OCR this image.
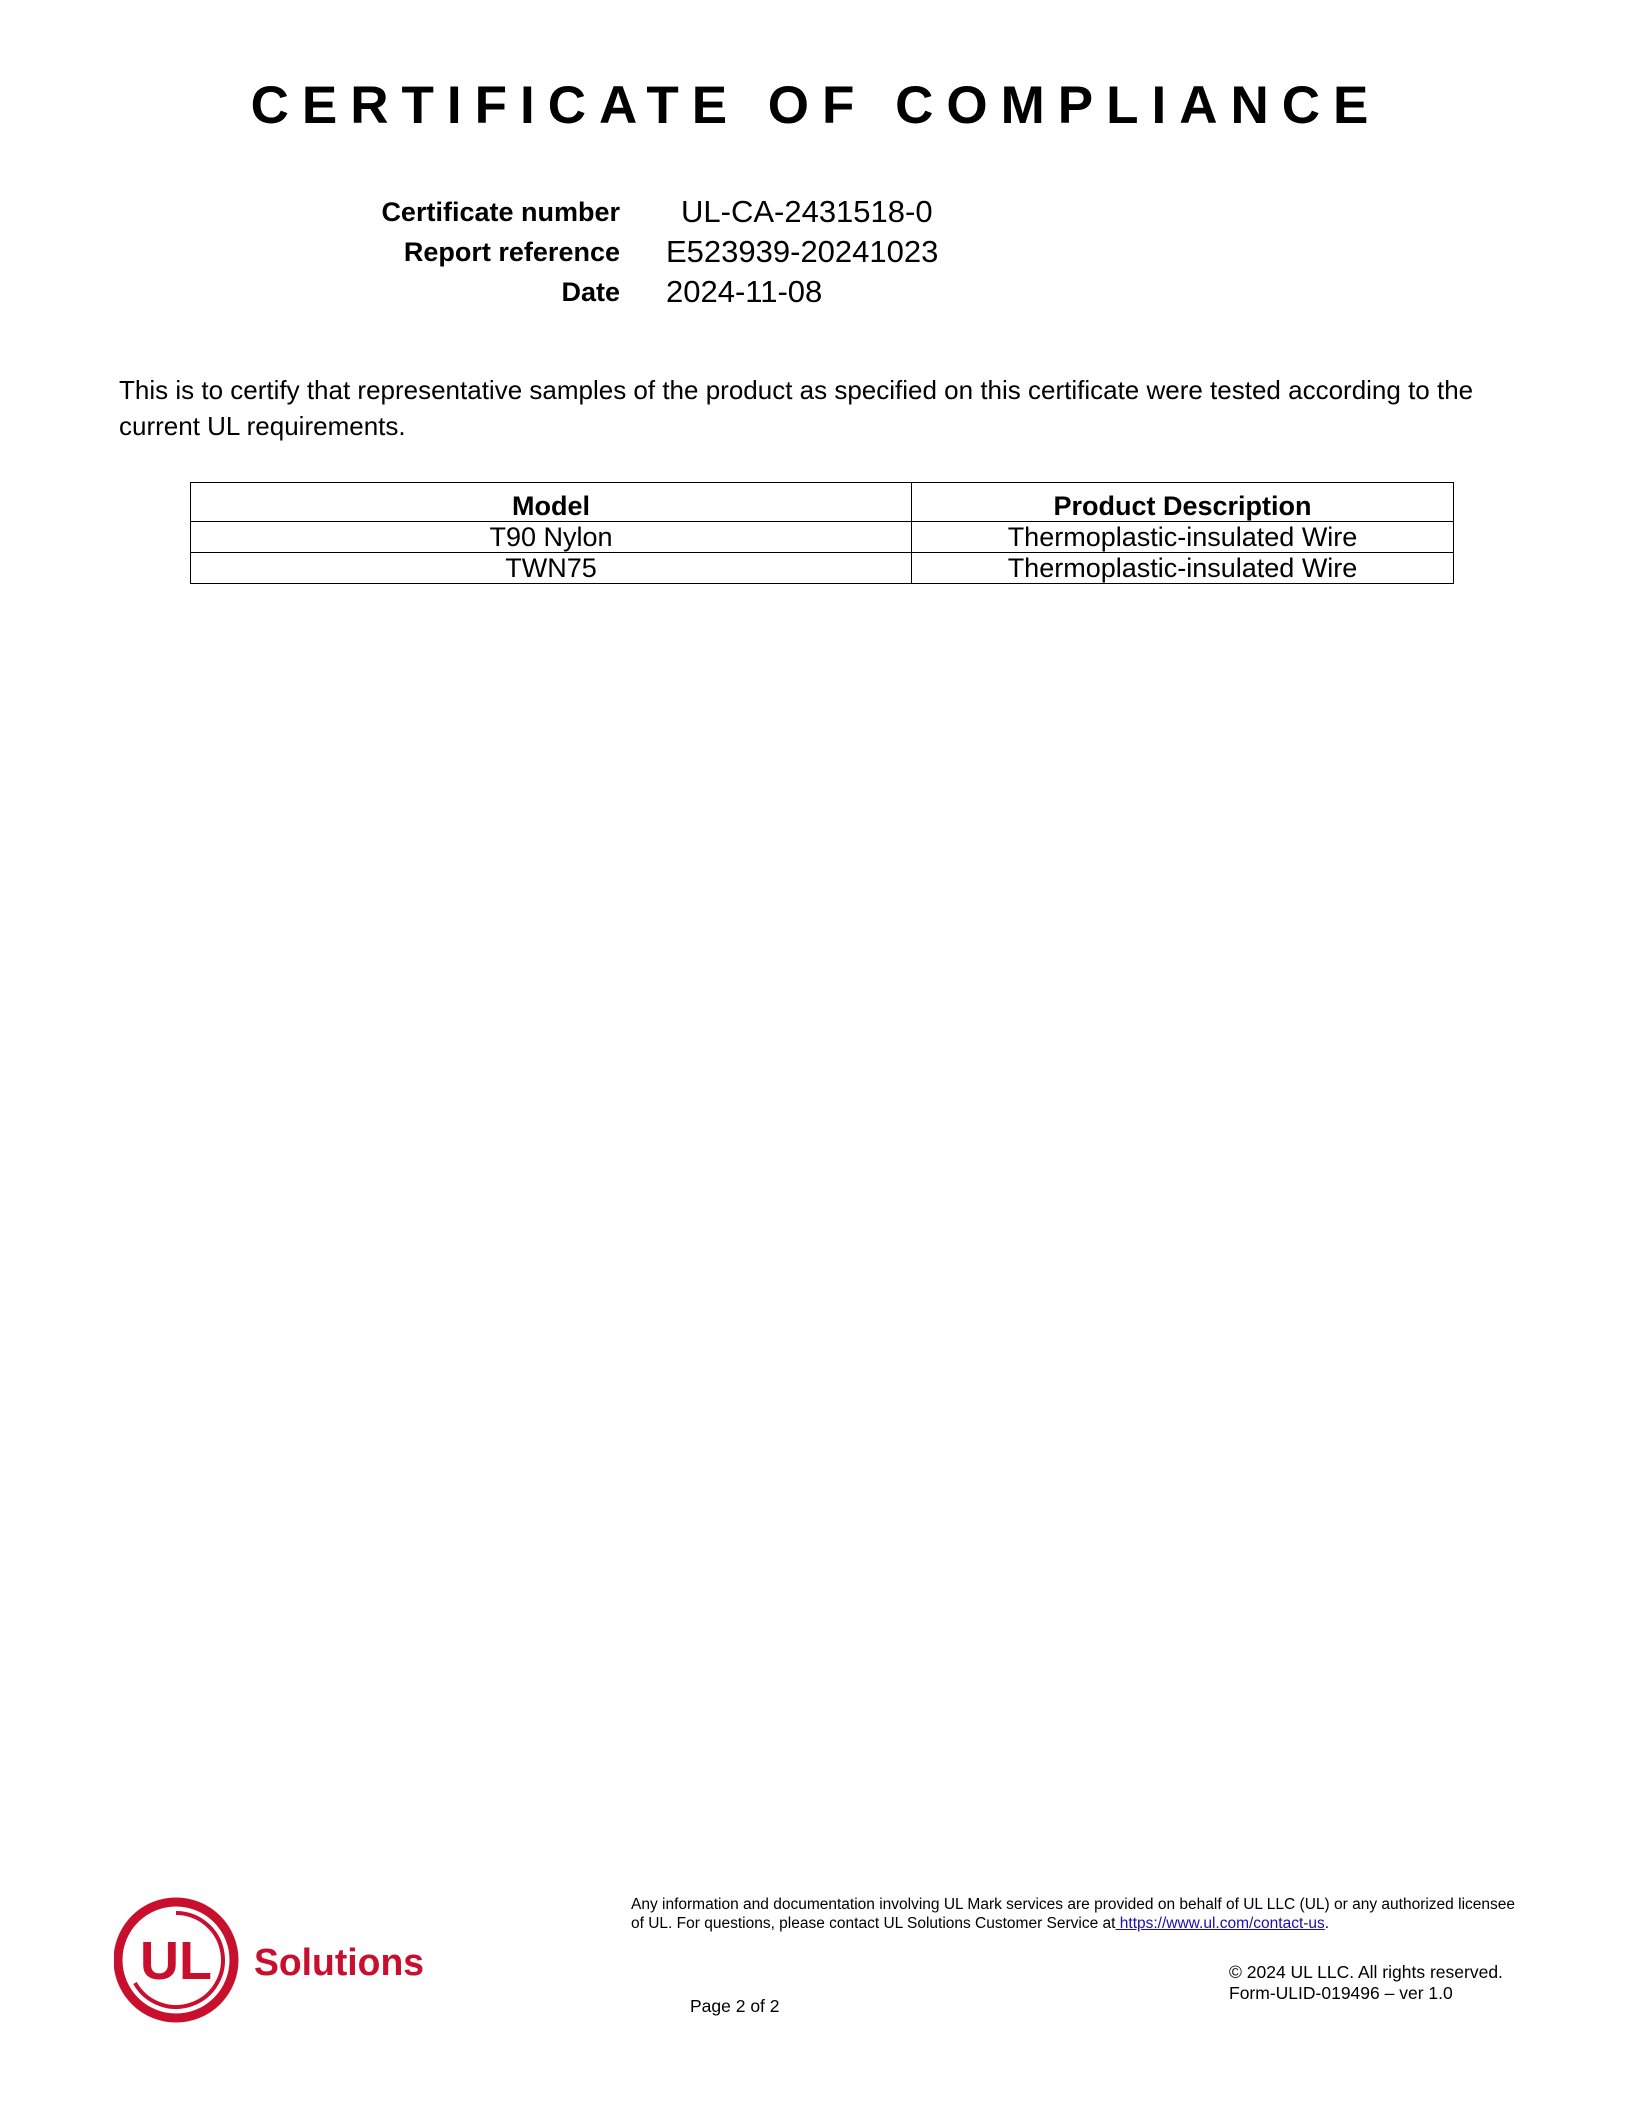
CERTIFICATE OF COMPLIANCE
Certificate number UL-CA-2431518-0
Report reference E523939-20241023
Date 2024-11-08
This is to certify that representative samples of the product as specified on this certificate were tested according to the current UL requirements.
Model	Product Description
T90 Nylon	Thermoplastic-insulated Wire
TWN75	Thermoplastic-insulated Wire
UL Solutions
Any information and documentation involving UL Mark services are provided on behalf of UL LLC (UL) or any authorized licensee of UL. For questions, please contact UL Solutions Customer Service at https://www.ul.com/contact-us.
© 2024 UL LLC. All rights reserved.
Form-ULID-019496 – ver 1.0
Page 2 of 2
